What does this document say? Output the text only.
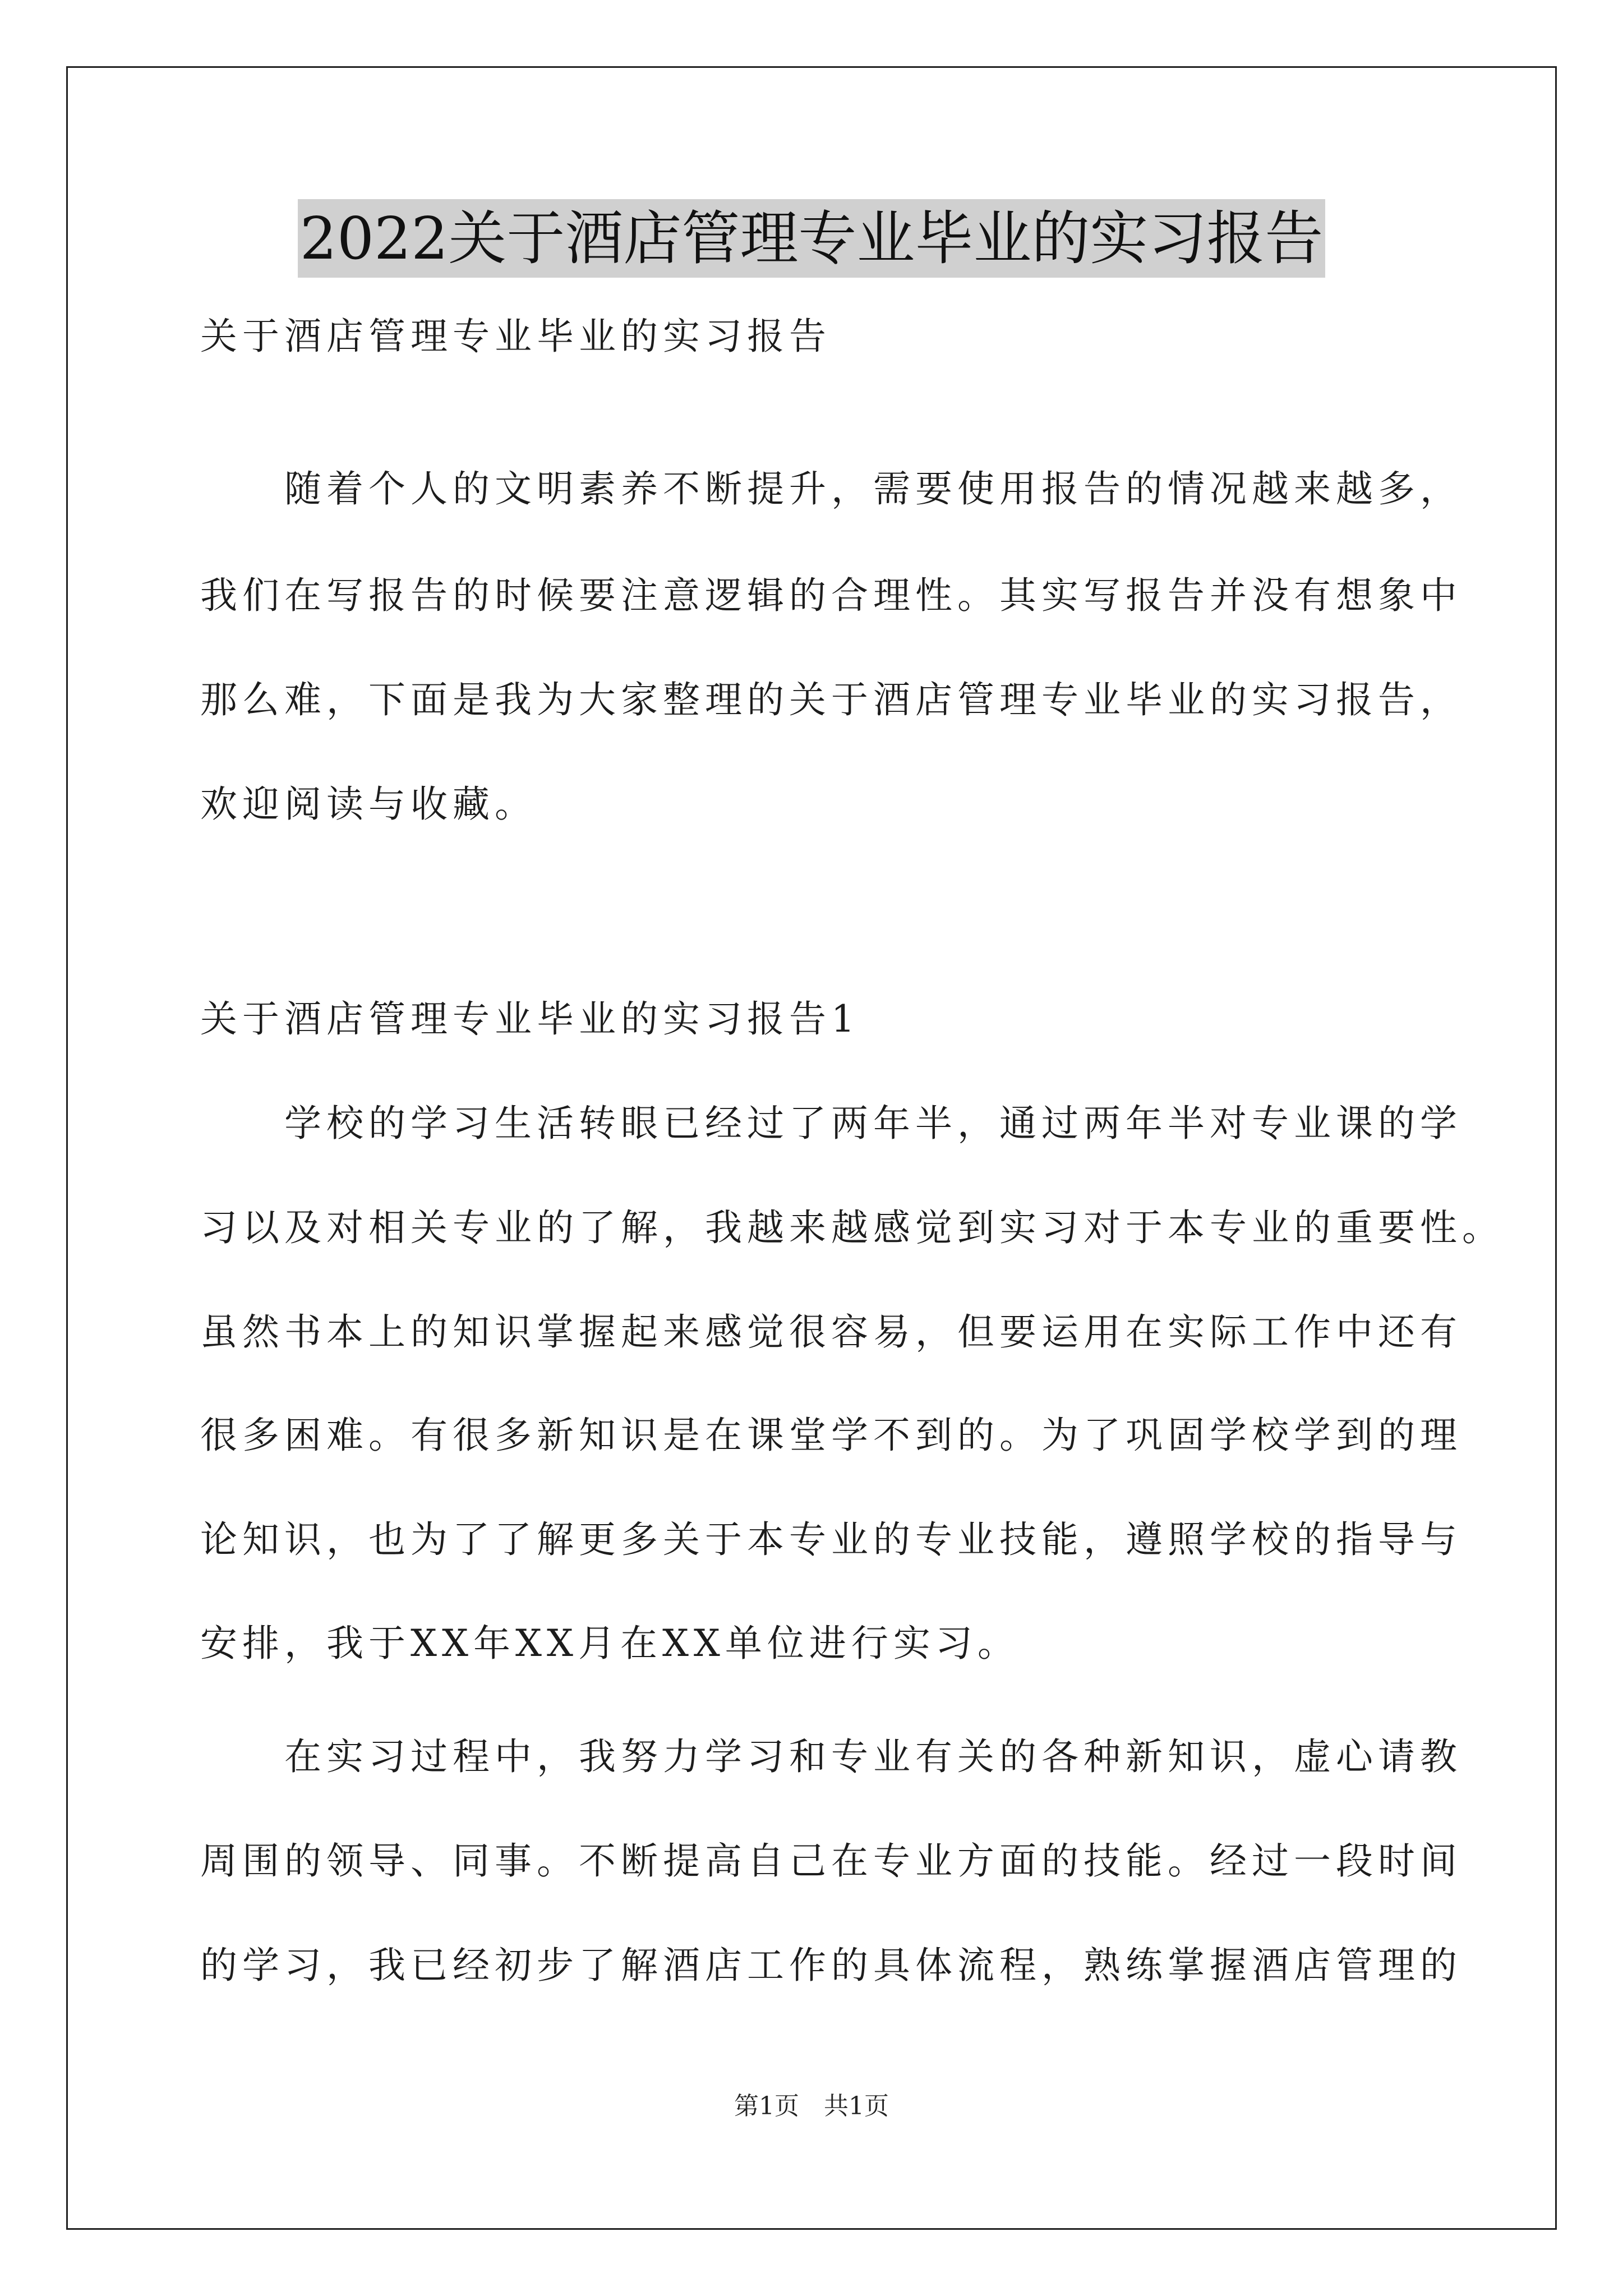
2022关于酒店管理专业毕业的实习报告
关于酒店管理专业毕业的实习报告
　　随着个人的文明素养不断提升，需要使用报告的情况越来越多，
我们在写报告的时候要注意逻辑的合理性。其实写报告并没有想象中
那么难，下面是我为大家整理的关于酒店管理专业毕业的实习报告，
欢迎阅读与收藏。
关于酒店管理专业毕业的实习报告1
　　学校的学习生活转眼已经过了两年半，通过两年半对专业课的学
习以及对相关专业的了解，我越来越感觉到实习对于本专业的重要性。
虽然书本上的知识掌握起来感觉很容易，但要运用在实际工作中还有
很多困难。有很多新知识是在课堂学不到的。为了巩固学校学到的理
论知识，也为了了解更多关于本专业的专业技能，遵照学校的指导与
安排，我于XX年XX月在XX单位进行实习。
　　在实习过程中，我努力学习和专业有关的各种新知识，虚心请教
周围的领导、同事。不断提高自己在专业方面的技能。经过一段时间
的学习，我已经初步了解酒店工作的具体流程，熟练掌握酒店管理的
第1页　共1页
